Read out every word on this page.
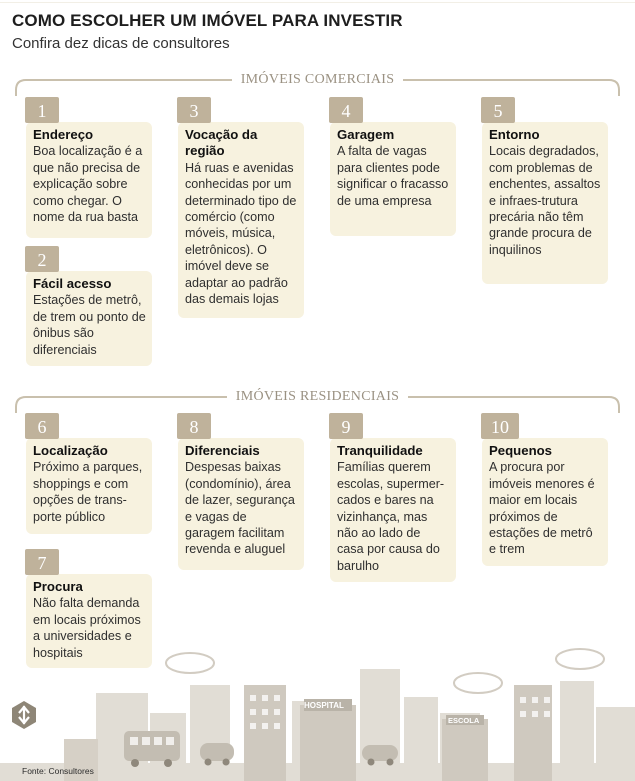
COMO ESCOLHER UM IMÓVEL PARA INVESTIR
Confira dez dicas de consultores
IMÓVEIS COMERCIAIS
IMÓVEIS RESIDENCIAIS
Endereço

Boa localização é a que não precisa de explicação sobre como chegar. O nome da rua basta

1
Fácil acesso

Estações de metrô, de trem ou ponto de ônibus são diferenciais

2
Vocação da região

Há ruas e avenidas conhecidas por um determinado tipo de comércio (como móveis, música, eletrônicos). O imóvel deve se adaptar ao padrão das demais lojas

3
Garagem

A falta de vagas para clientes pode significar o fracasso de uma empresa

4
Entorno

Locais degradados, com problemas de enchentes, assaltos e infraes-trutura precária não têm grande procura de inquilinos

5
Localização

Próximo a parques, shoppings e com opções de trans-porte público

6
Procura

Não falta demanda em locais próximos a universidades e hospitais

7
Diferenciais

Despesas baixas (condomínio), área de lazer, segurança e vagas de garagem facilitam revenda e aluguel

8
Tranquilidade

Famílias querem escolas, supermer-cados e bares na vizinhança, mas não ao lado de casa por causa do barulho

9
Pequenos

A procura por imóveis menores é maior em locais próximos de estações de metrô e trem

10
HOSPITAL
ESCOLA
Fonte: Consultores
